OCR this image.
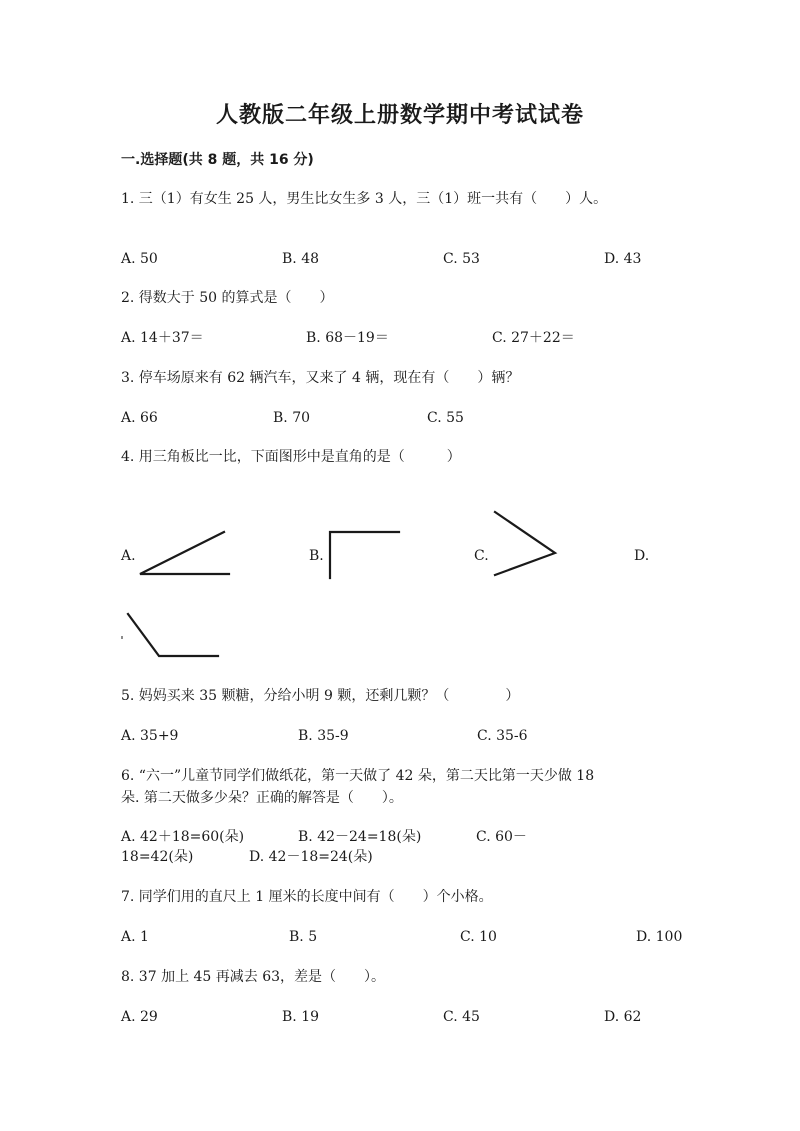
人教版二年级上册数学期中考试试卷
一.选择题(共 8 题，共 16 分)
1. 三（1）有女生 25 人，男生比女生多 3 人，三（1）班一共有（　　）人。
A. 50	B. 48	C. 53	D. 43
2. 得数大于 50 的算式是（　　）
A. 14＋37＝	B. 68－19＝	C. 27＋22＝
3. 停车场原来有 62 辆汽车，又来了 4 辆，现在有（　　）辆？
A. 66	B. 70	C. 55
4. 用三角板比一比，下面图形中是直角的是（　　　）
A.	B.	C.	D.
5. 妈妈买来 35 颗糖，分给小明 9 颗，还剩几颗？（　　　　）
A. 35+9	B. 35-9	C. 35-6
6. “六一”儿童节同学们做纸花，第一天做了 42 朵，第二天比第一天少做 18
朵. 第二天做多少朵？正确的解答是（　　）。
A. 42＋18=60(朵)	B. 42－24=18(朵)	C. 60－
18=42(朵)	D. 42－18=24(朵)
7. 同学们用的直尺上 1 厘米的长度中间有（　　）个小格。
A. 1	B. 5	C. 10	D. 100
8. 37 加上 45 再减去 63，差是（　　）。
A. 29	B. 19	C. 45	D. 62
